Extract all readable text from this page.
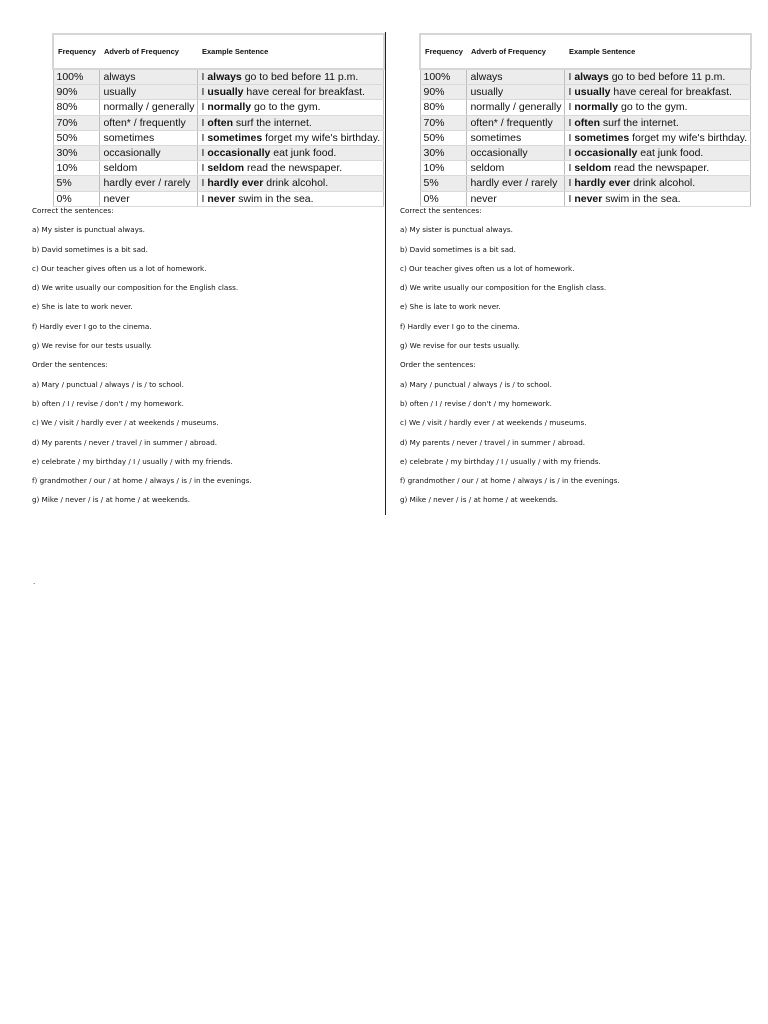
Frequency	Adverb of Frequency	Example Sentence
100%	always	I always go to bed before 11 p.m.
90%	usually	I usually have cereal for breakfast.
80%	normally / generally	I normally go to the gym.
70%	often* / frequently	I often surf the internet.
50%	sometimes	I sometimes forget my wife's birthday.
30%	occasionally	I occasionally eat junk food.
10%	seldom	I seldom read the newspaper.
5%	hardly ever / rarely	I hardly ever drink alcohol.
0%	never	I never swim in the sea.
Correct the sentences:
a) My sister is punctual always.
b) David sometimes is a bit sad.
c) Our teacher gives often us a lot of homework.
d) We write usually our composition for the English class.
e) She is late to work never.
f) Hardly ever I go to the cinema.
g) We revise for our tests usually.
Order the sentences:
a) Mary / punctual / always / is / to school.
b) often / I / revise / don't / my homework.
c) We / visit / hardly ever / at weekends / museums.
d) My parents / never / travel / in summer / abroad.
e) celebrate / my birthday / I / usually / with my friends.
f) grandmother / our / at home / always / is / in the evenings.
g) Mike / never / is / at home / at weekends.
Frequency	Adverb of Frequency	Example Sentence
100%	always	I always go to bed before 11 p.m.
90%	usually	I usually have cereal for breakfast.
80%	normally / generally	I normally go to the gym.
70%	often* / frequently	I often surf the internet.
50%	sometimes	I sometimes forget my wife's birthday.
30%	occasionally	I occasionally eat junk food.
10%	seldom	I seldom read the newspaper.
5%	hardly ever / rarely	I hardly ever drink alcohol.
0%	never	I never swim in the sea.
Correct the sentences:
a) My sister is punctual always.
b) David sometimes is a bit sad.
c) Our teacher gives often us a lot of homework.
d) We write usually our composition for the English class.
e) She is late to work never.
f) Hardly ever I go to the cinema.
g) We revise for our tests usually.
Order the sentences:
a) Mary / punctual / always / is / to school.
b) often / I / revise / don't / my homework.
c) We / visit / hardly ever / at weekends / museums.
d) My parents / never / travel / in summer / abroad.
e) celebrate / my birthday / I / usually / with my friends.
f) grandmother / our / at home / always / is / in the evenings.
g) Mike / never / is / at home / at weekends.
.
